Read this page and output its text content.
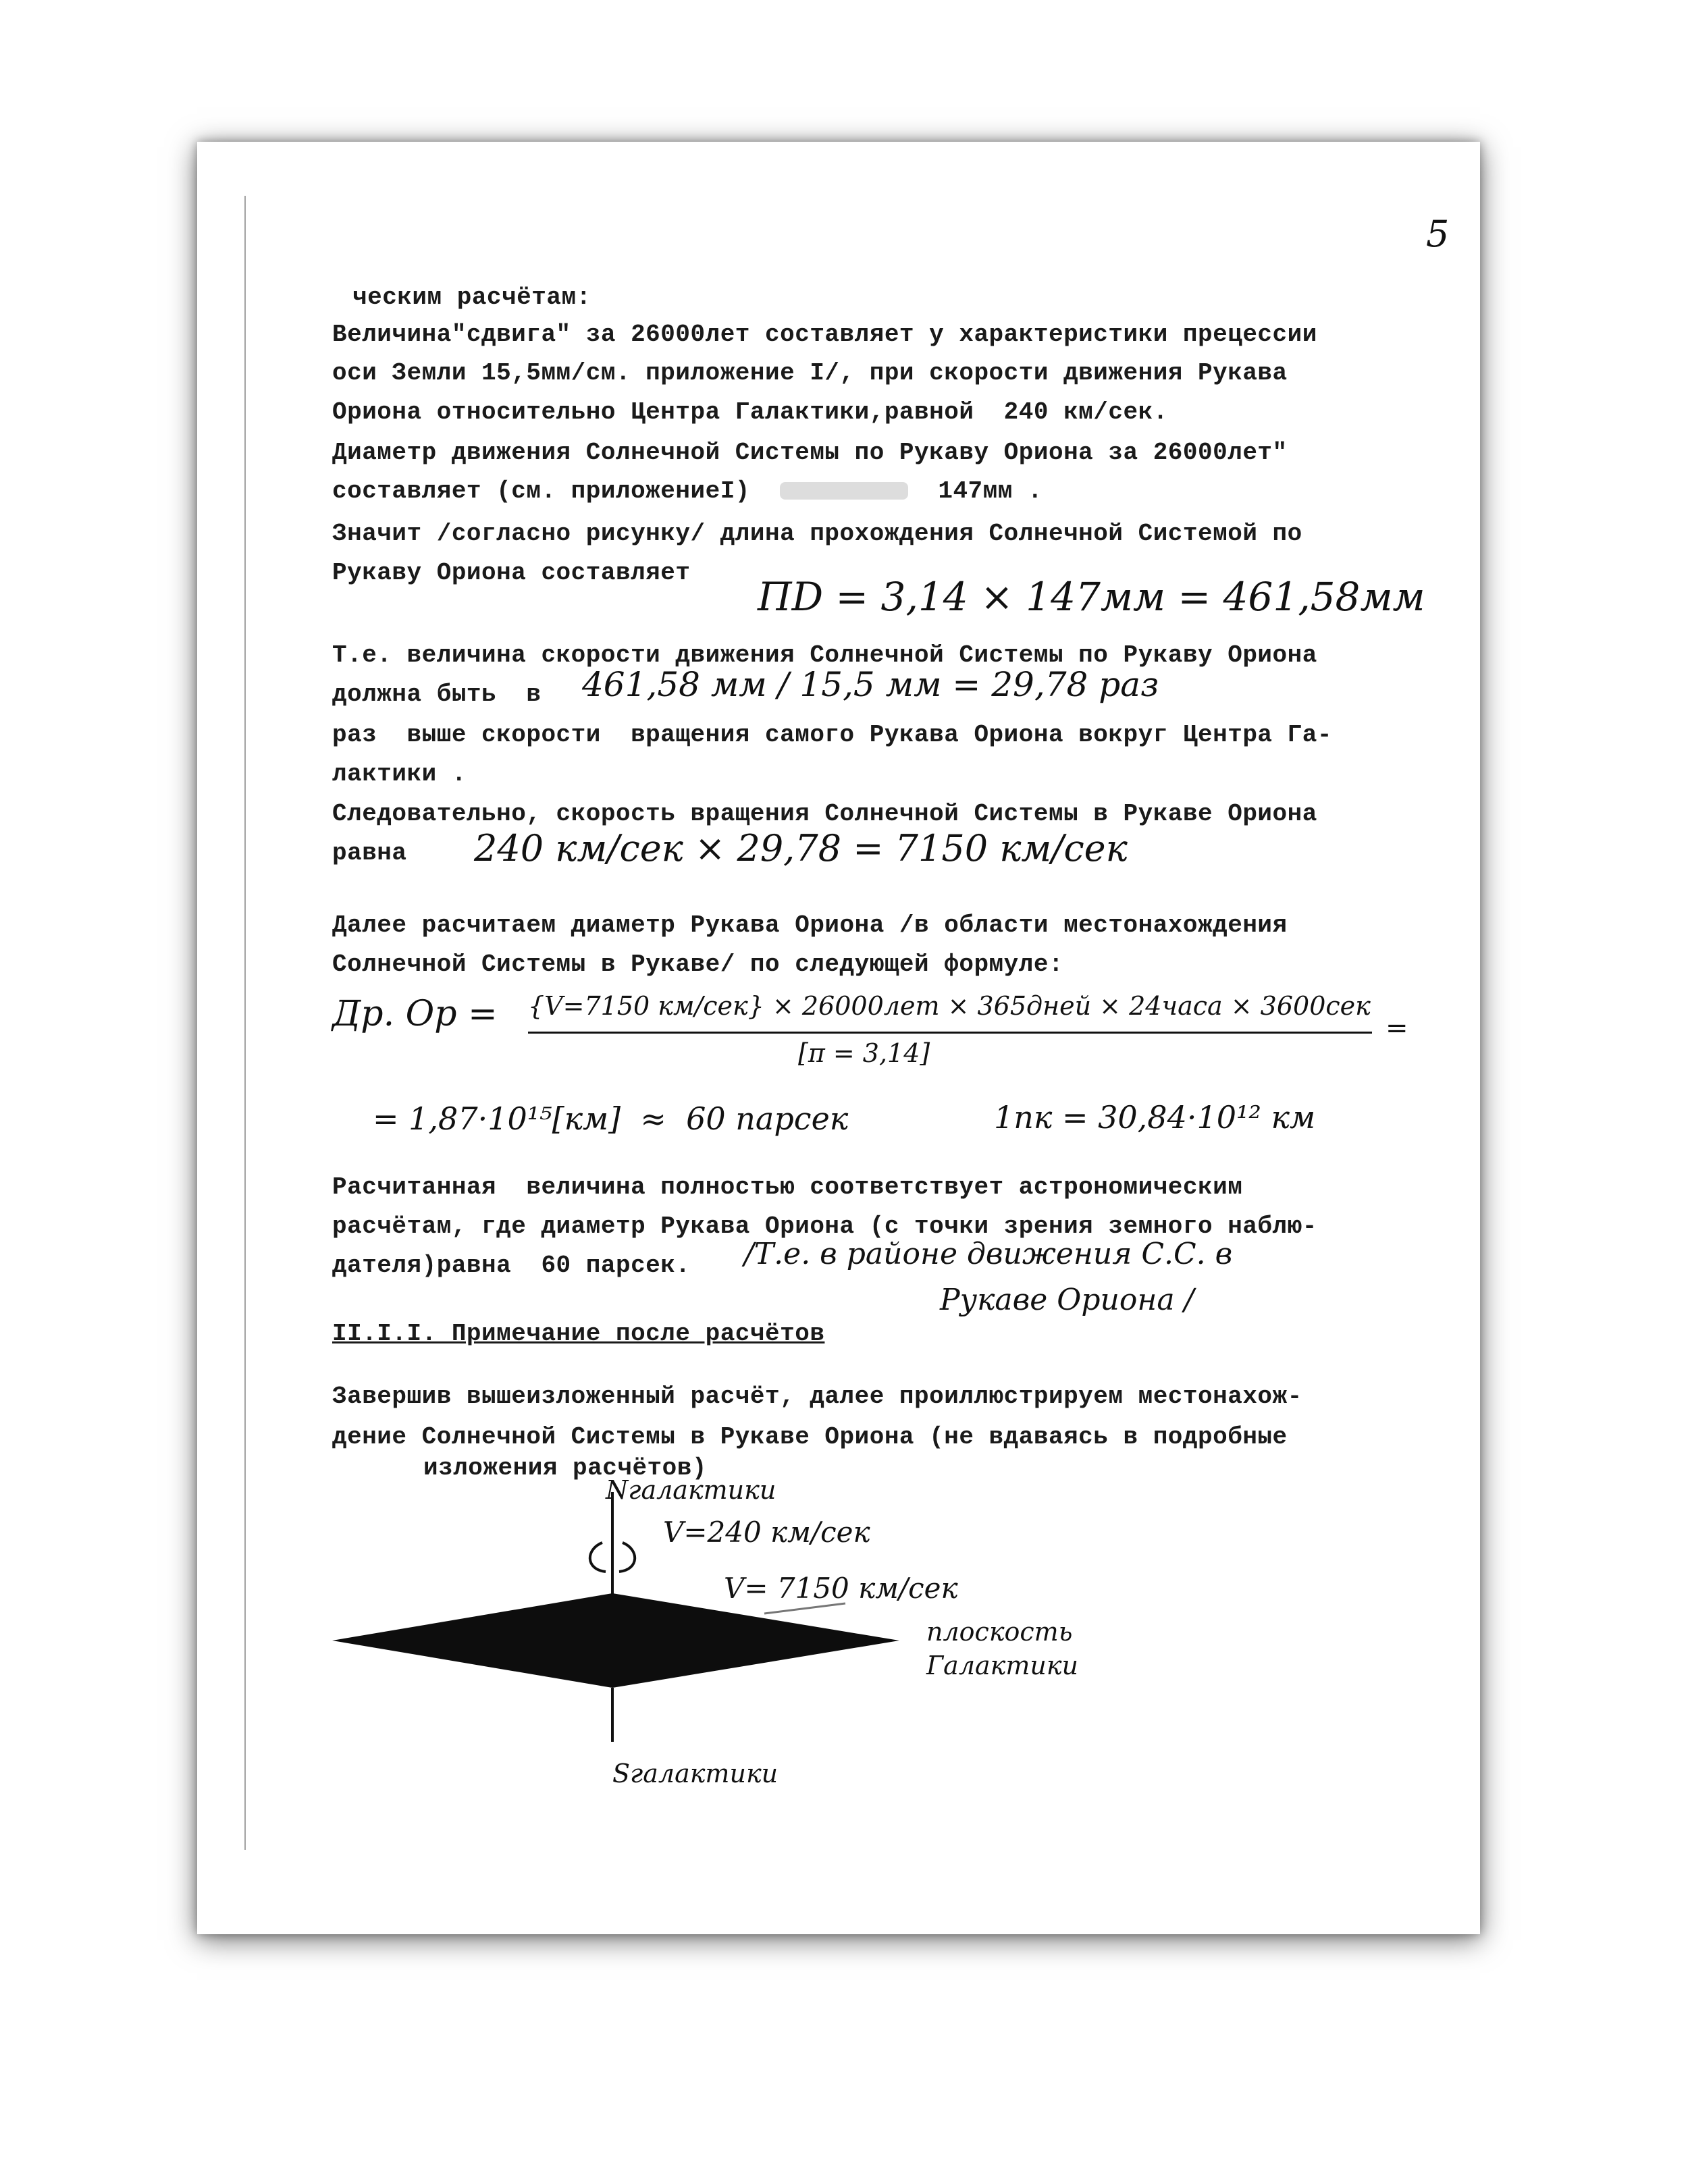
5
ческим расчётам:
Величина"сдвига" за 26000лет составляет у характеристики прецессии
оси Земли 15,5мм/см. приложение I/, при скорости движения Рукава
Ориона относительно Центра Галактики,равной  240 км/сек.
Диаметр движения Солнечной Системы по Рукаву Ориона за 26000лет"
составляет (см. приложениеI)	147мм .
Значит /согласно рисунку/ длина прохождения Солнечной Системой по
Рукаву Ориона составляет
ПD = 3,14 × 147мм = 461,58мм
Т.е. величина скорости движения Солнечной Системы по Рукаву Ориона
должна быть  в 461,58 мм / 15,5 мм = 29,78 раз
раз  выше скорости  вращения самого Рукава Ориона вокруг Центра Га-
лактики .
Следовательно, скорость вращения Солнечной Системы в Рукаве Ориона
равна 240 км/сек × 29,78 = 7150 км/сек
Далее расчитаем диаметр Рукава Ориона /в области местонахождения
Солнечной Системы в Рукаве/ по следующей формуле:
Дp. Op = {V=7150 км/сек} × 26000лет × 365дней × 24часа × 3600сек
[π = 3,14]
=
= 1,87·10¹⁵[км]  ≈  60 парсек	1пк = 30,84·10¹² км
Расчитанная  величина полностью соответствует астрономическим
расчётам, где диаметр Рукава Ориона (с точки зрения земного наблю-
дателя)равна  60 парсек. /Т.е. в районе движения С.С. в
Рукаве Ориона /
II.I.I. Примечание после расчётов
Завершив вышеизложенный расчёт, далее проиллюстрируем местонахож-
дение Солнечной Системы в Рукаве Ориона (не вдаваясь в подробные
изложения расчётов)
Nгалактики
V=240 км/сек
V= 7150 км/сек
плоскость
Галактики
Sгалактики
